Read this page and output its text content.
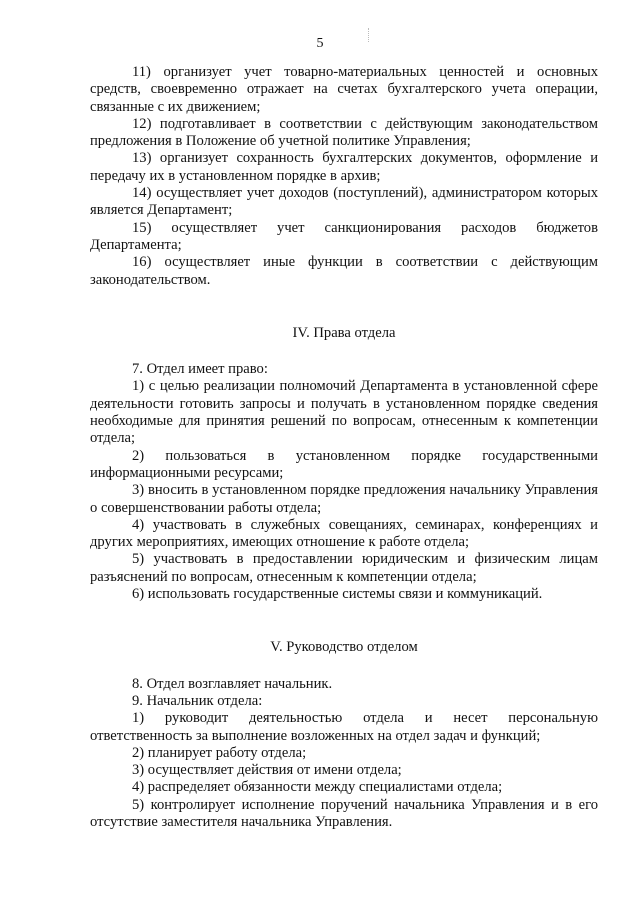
5

11) организует учет товарно-материальных ценностей и основных средств, своевременно отражает на счетах бухгалтерского учета операции, связанные с их движением;

12) подготавливает в соответствии с действующим законодательством предложения в Положение об учетной политике Управления;

13) организует сохранность бухгалтерских документов, оформление и передачу их в установленном порядке в архив;

14) осуществляет учет доходов (поступлений), администратором которых является Департамент;

15) осуществляет учет санкционирования расходов бюджетов Департамента;

16) осуществляет иные функции в соответствии с действующим законодательством.

IV. Права отдела

7. Отдел имеет право:

1) с целью реализации полномочий Департамента в установленной сфере деятельности готовить запросы и получать в установленном порядке сведения необходимые для принятия решений по вопросам, отнесенным к компетенции отдела;

2) пользоваться в установленном порядке государственными информационными ресурсами;

3) вносить в установленном порядке предложения начальнику Управления о совершенствовании работы отдела;

4) участвовать в служебных совещаниях, семинарах, конференциях и других мероприятиях, имеющих отношение к работе отдела;

5) участвовать в предоставлении юридическим и физическим лицам разъяснений по вопросам, отнесенным к компетенции отдела;

6) использовать государственные системы связи и коммуникаций.

V. Руководство отделом

8. Отдел возглавляет начальник.

9. Начальник отдела:

1) руководит деятельностью отдела и несет персональную ответственность за выполнение возложенных на отдел задач и функций;

2) планирует работу отдела;

3) осуществляет действия от имени отдела;

4) распределяет обязанности между специалистами отдела;

5) контролирует исполнение поручений начальника Управления и в его отсутствие заместителя начальника Управления.
